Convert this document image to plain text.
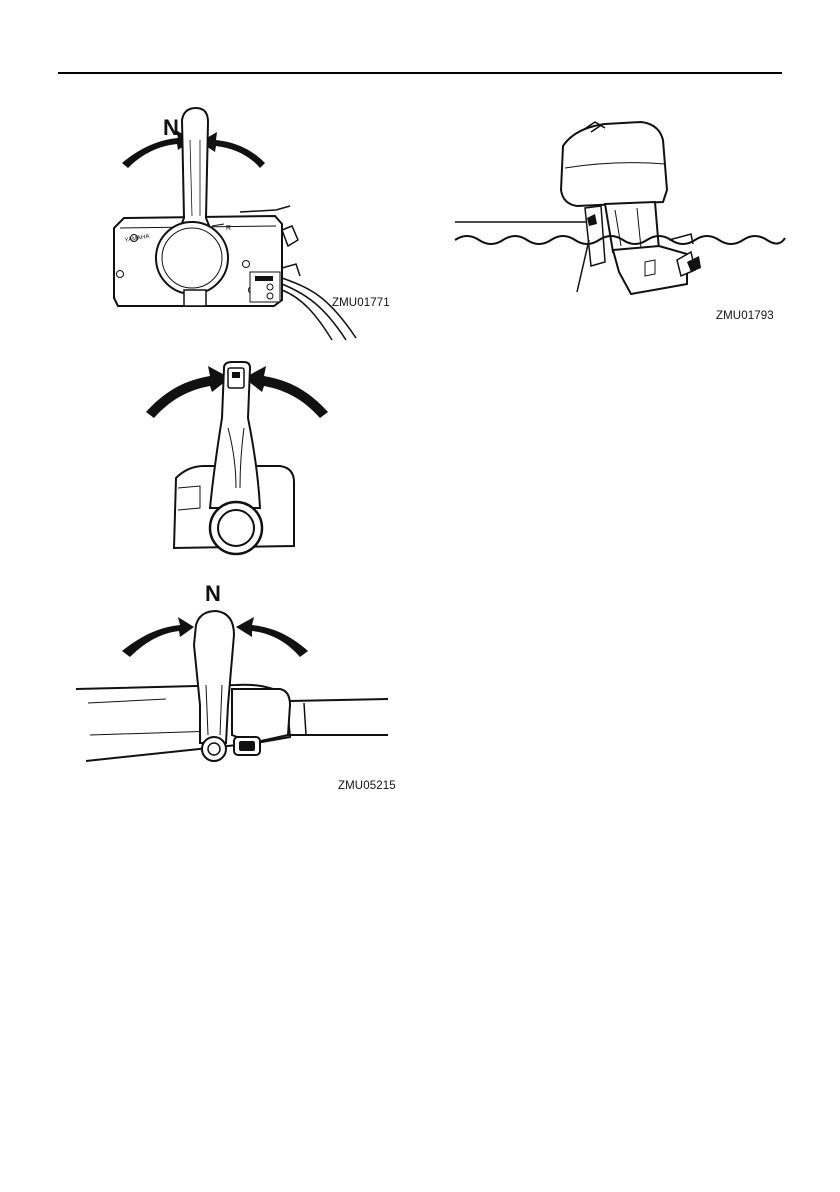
N
YAMAHA
R
ZMU01771
ZMU01793
N
ZMU05215
